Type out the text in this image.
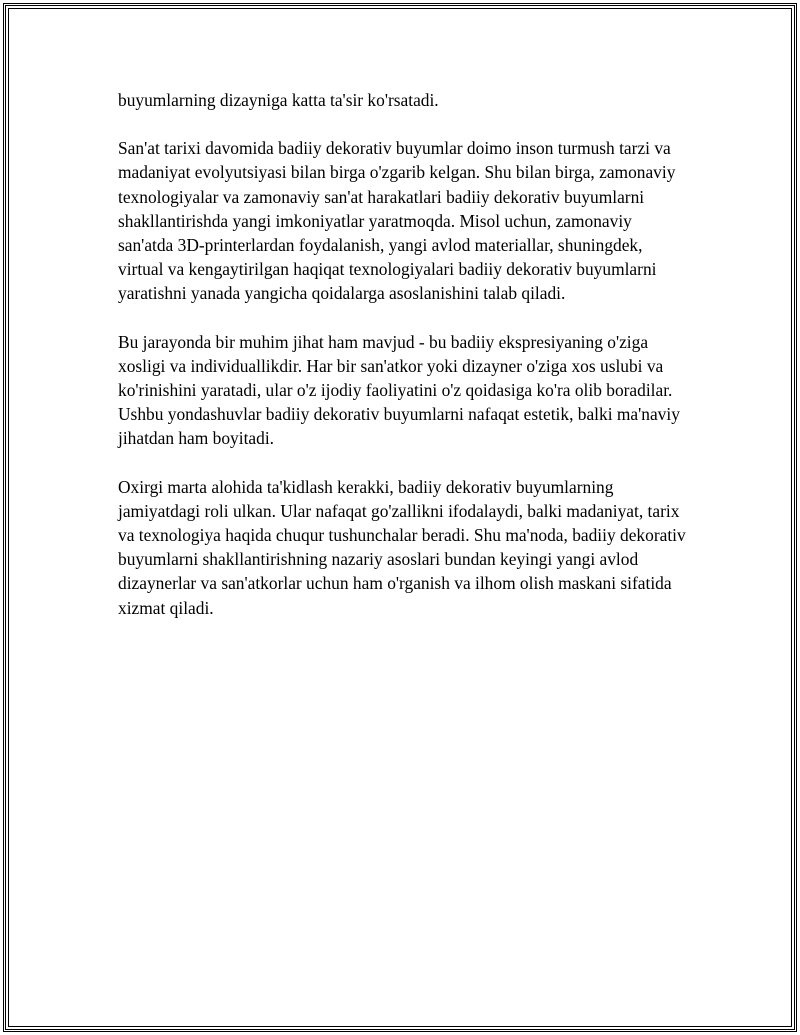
buyumlarning dizayniga katta ta'sir ko'rsatadi.

San'at tarixi davomida badiiy dekorativ buyumlar doimo inson turmush tarzi va madaniyat evolyutsiyasi bilan birga o'zgarib kelgan. Shu bilan birga, zamonaviy texnologiyalar va zamonaviy san'at harakatlari badiiy dekorativ buyumlarni shakllantirishda yangi imkoniyatlar yaratmoqda. Misol uchun, zamonaviy san'atda 3D-printerlardan foydalanish, yangi avlod materiallar, shuningdek, virtual va kengaytirilgan haqiqat texnologiyalari badiiy dekorativ buyumlarni yaratishni yanada yangicha qoidalarga asoslanishini talab qiladi.

Bu jarayonda bir muhim jihat ham mavjud - bu badiiy ekspresiyaning o'ziga xosligi va individuallikdir. Har bir san'atkor yoki dizayner o'ziga xos uslubi va ko'rinishini yaratadi, ular o'z ijodiy faoliyatini o'z qoidasiga ko'ra olib boradilar. Ushbu yondashuvlar badiiy dekorativ buyumlarni nafaqat estetik, balki ma'naviy jihatdan ham boyitadi.

Oxirgi marta alohida ta'kidlash kerakki, badiiy dekorativ buyumlarning jamiyatdagi roli ulkan. Ular nafaqat go'zallikni ifodalaydi, balki madaniyat, tarix va texnologiya haqida chuqur tushunchalar beradi. Shu ma'noda, badiiy dekorativ buyumlarni shakllantirishning nazariy asoslari bundan keyingi yangi avlod dizaynerlar va san'atkorlar uchun ham o'rganish va ilhom olish maskani sifatida xizmat qiladi.
